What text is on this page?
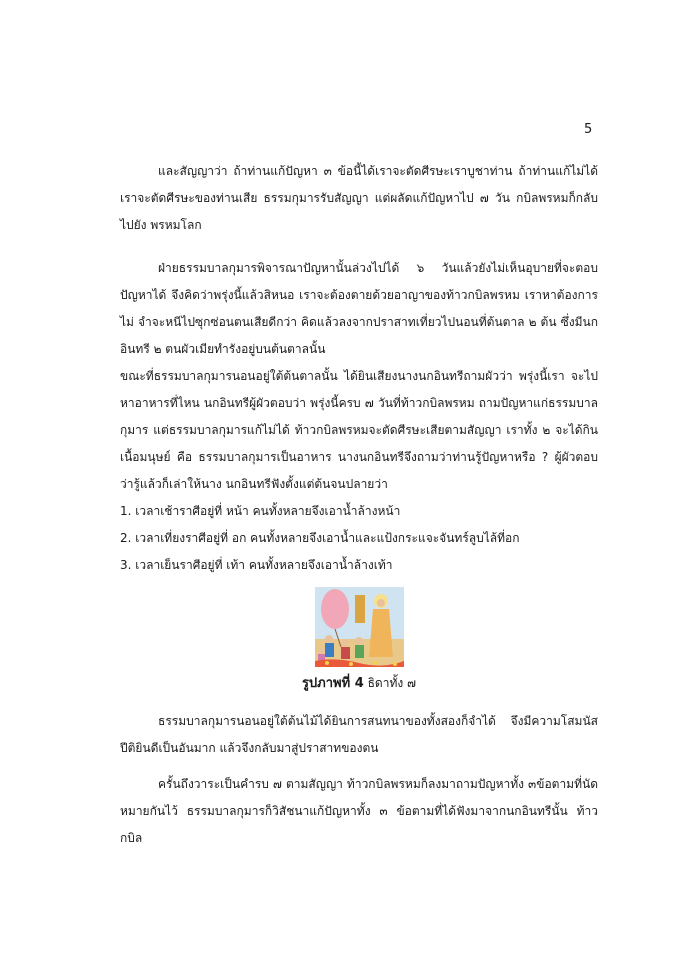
5

และสัญญาว่า ถ้าท่านแก้ปัญหา ๓ ข้อนี้ได้เราจะตัดศีรษะเราบูชาท่าน ถ้าท่านแก้ไม่ได้ เราจะตัดศีรษะของท่านเสีย ธรรมกุมารรับสัญญา แต่ผลัดแก้ปัญหาไป ๗ วัน กบิลพรหมก็กลับไปยัง พรหมโลก

ฝ่ายธรรมบาลกุมารพิจารณาปัญหานั้นล่วงไปได้ ๖ วันแล้วยังไม่เห็นอุบายที่จะตอบปัญหาได้ จึงคิดว่าพรุ่งนี้แล้วสิหนอ เราจะต้องตายด้วยอาญาของท้าวกบิลพรหม เราหาต้องการไม่ จำจะหนีไปซุกซ่อนตนเสียดีกว่า คิดแล้วลงจากปราสาทเที่ยวไปนอนที่ต้นตาล ๒ ต้น ซึ่งมีนกอินทรี ๒ ตนผัวเมียทำรังอยู่บนต้นตาลนั้น

ขณะที่ธรรมบาลกุมารนอนอยู่ใต้ต้นตาลนั้น ได้ยินเสียงนางนกอินทรีถามผัวว่า พรุ่งนี้เรา จะไปหาอาหารที่ไหน นกอินทรีผู้ผัวตอบว่า พรุ่งนี้ครบ ๗ วันที่ท้าวกบิลพรหม ถามปัญหาแก่ธรรมบาล กุมาร แต่ธรรมบาลกุมารแก้ไม่ได้ ท้าวกบิลพรหมจะตัดศีรษะเสียตามสัญญา เราทั้ง ๒ จะได้กินเนื้อมนุษย์ คือ ธรรมบาลกุมารเป็นอาหาร นางนกอินทรีจึงถามว่าท่านรู้ปัญหาหรือ ? ผู้ผัวตอบว่ารู้แล้วก็เล่าให้นาง นกอินทรีฟังตั้งแต่ต้นจนปลายว่า

1. เวลาเช้าราศีอยู่ที่ หน้า คนทั้งหลายจึงเอาน้ำล้างหน้า

2. เวลาเที่ยงราศีอยู่ที่ อก คนทั้งหลายจึงเอาน้ำและแป้งกระแจะจันทร์ลูบไล้ที่อก

3. เวลาเย็นราศีอยู่ที่ เท้า คนทั้งหลายจึงเอาน้ำล้างเท้า

รูปภาพที่ 4 ธิดาทั้ง ๗

ธรรมบาลกุมารนอนอยู่ใต้ต้นไม้ได้ยินการสนทนาของทั้งสองก็จำได้ จึงมีความโสมนัส ปีติยินดีเป็นอันมาก แล้วจึงกลับมาสู่ปราสาทของตน

ครั้นถึงวาระเป็นคำรบ ๗ ตามสัญญา ท้าวกบิลพรหมก็ลงมาถามปัญหาทั้ง ๓ข้อตามที่นัดหมายกันไว้ ธรรมบาลกุมารก็วิสัชนาแก้ปัญหาทั้ง ๓ ข้อตามที่ได้ฟังมาจากนกอินทรีนั้น ท้าวกบิล
